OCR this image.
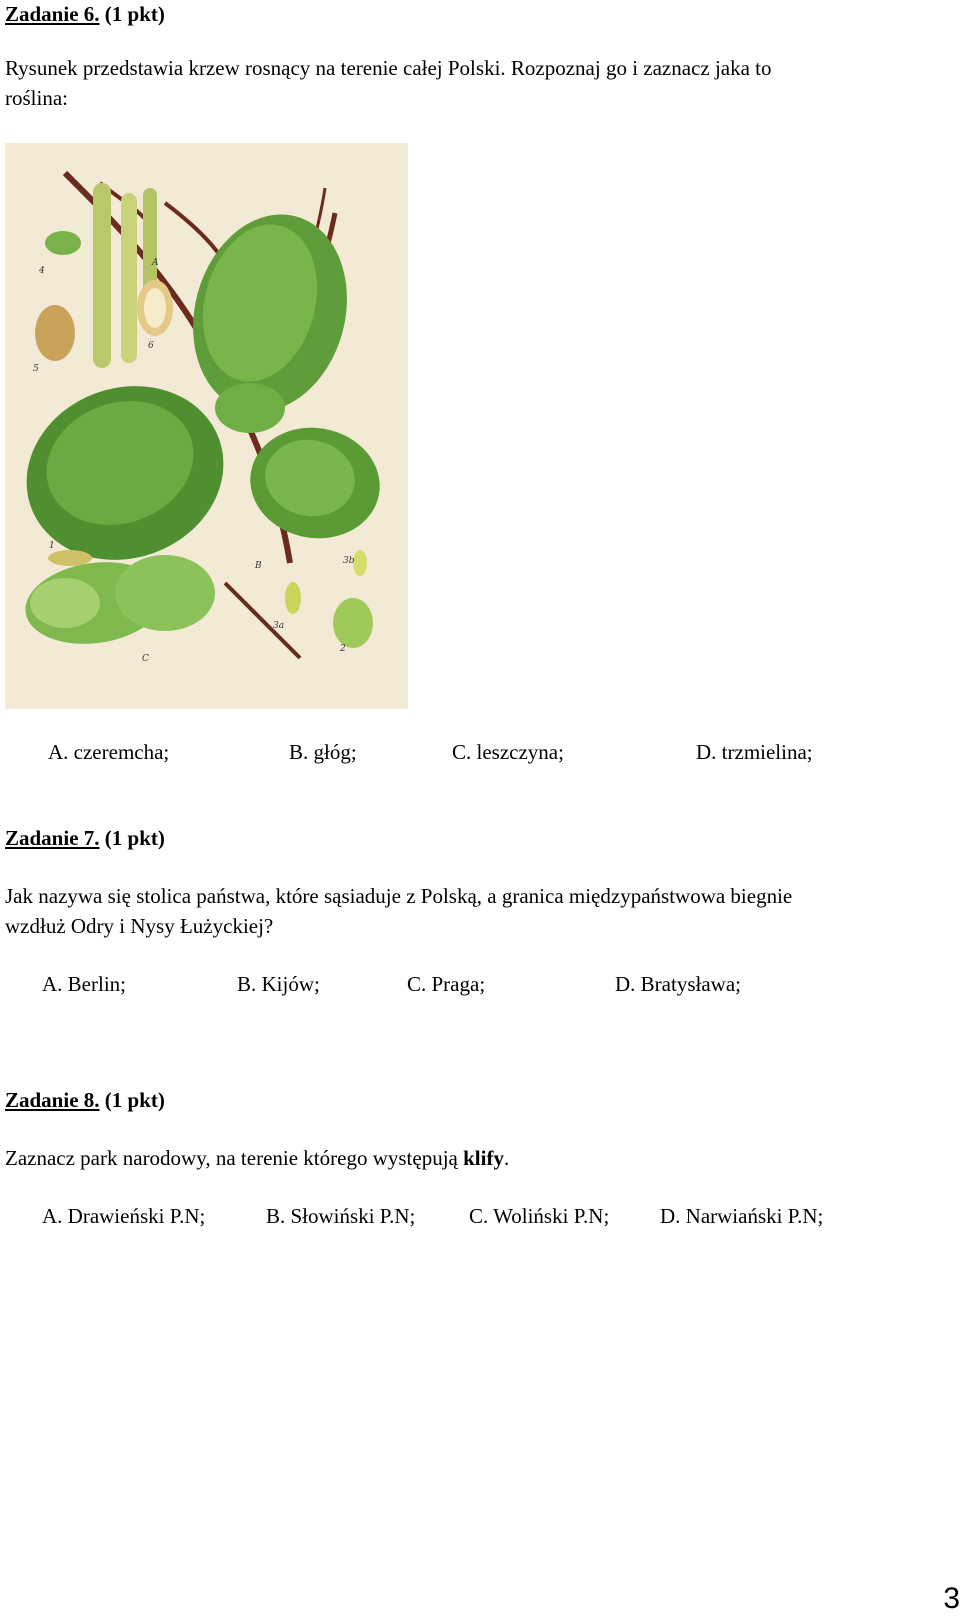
Zadanie 6. (1 pkt)
Rysunek przedstawia krzew rosnący na terenie całej Polski. Rozpoznaj go i zaznacz jaka to
roślina:
A
B
C
1
2
3a
3b
4
5
6
A. czeremcha;	B. głóg;	C. leszczyna;	D. trzmielina;
Zadanie 7. (1 pkt)
Jak nazywa się stolica państwa, które sąsiaduje z Polską, a granica międzypaństwowa biegnie
wzdłuż Odry i Nysy Łużyckiej?
A. Berlin;	B. Kijów;	C. Praga;	D. Bratysława;
Zadanie 8. (1 pkt)
Zaznacz park narodowy, na terenie którego występują klify.
A. Drawieński P.N;	B. Słowiński P.N;	C. Woliński P.N; D. Narwiański P.N;
3
